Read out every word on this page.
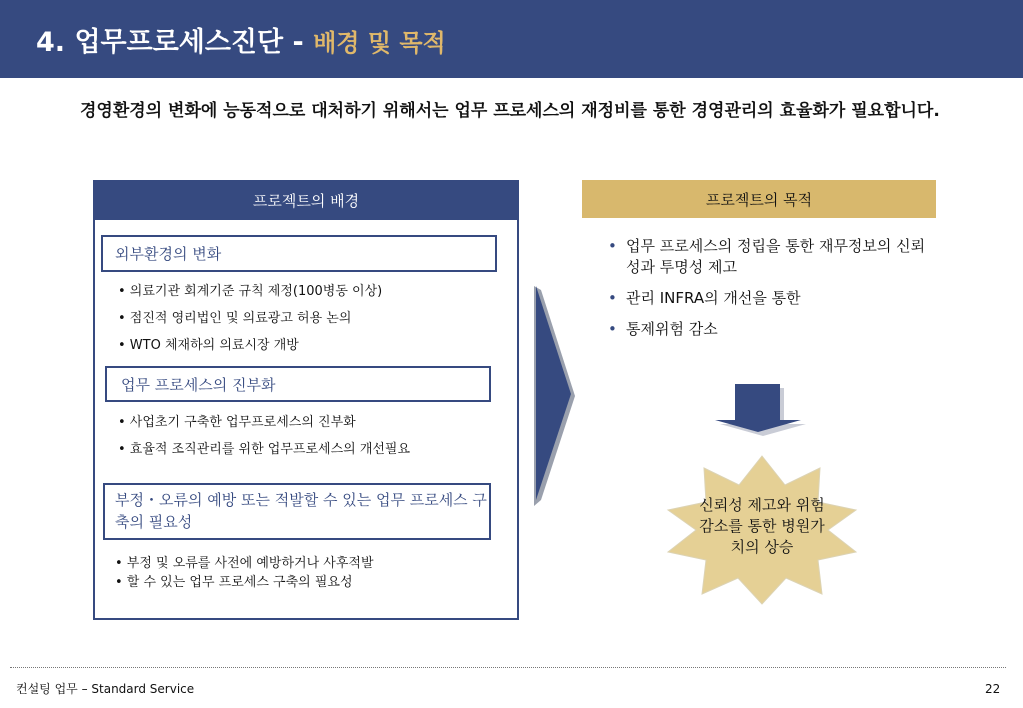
4. 업무프로세스진단 - 배경 및 목적
경영환경의 변화에 능동적으로 대처하기 위해서는 업무 프로세스의 재정비를 통한 경영관리의 효율화가 필요합니다.
프로젝트의 배경
외부환경의 변화
• 의료기관 회계기준 규칙 제정(100병동 이상)
• 점진적 영리법인 및 의료광고 허용 논의
• WTO 체재하의 의료시장 개방
업무 프로세스의 진부화
• 사업초기 구축한 업무프로세스의 진부화
• 효율적 조직관리를 위한 업무프로세스의 개선필요
부정・오류의 예방 또는 적발할 수 있는 업무 프로세스 구축의 필요성
• 부정 및 오류를 사전에 예방하거나 사후적발
• 할 수 있는 업무 프로세스 구축의 필요성
프로젝트의 목적
• 업무 프로세스의 정립을 통한 재무정보의 신뢰성과 투명성 제고
• 관리 INFRA의 개선을 통한
• 통제위험 감소
신뢰성 제고와 위험감소를 통한 병원가치의 상승
컨설팅 업무 – Standard Service	22
